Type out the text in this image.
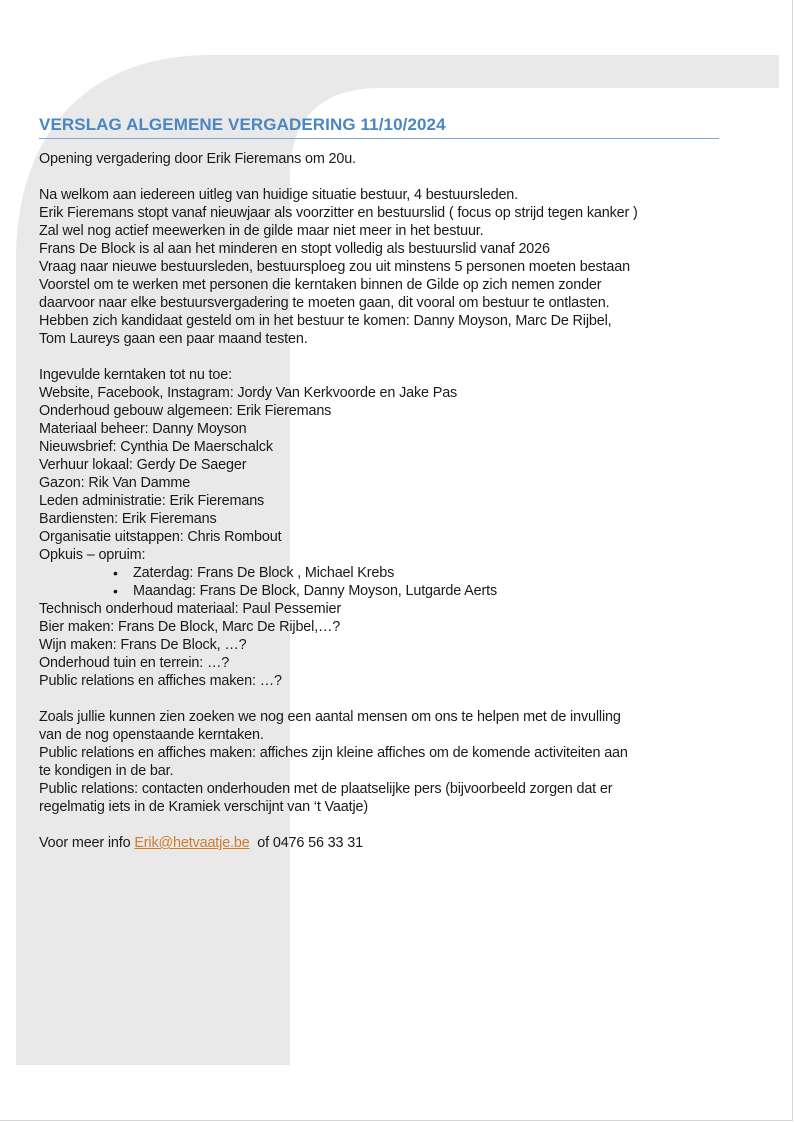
VERSLAG ALGEMENE VERGADERING 11/10/2024
Opening vergadering door Erik Fieremans om 20u.
Na welkom aan iedereen uitleg van huidige situatie bestuur, 4 bestuursleden.
Erik Fieremans stopt vanaf nieuwjaar als voorzitter en bestuurslid ( focus op strijd tegen kanker )
Zal wel nog actief meewerken in de gilde maar niet meer in het bestuur.
Frans De Block is al aan het minderen en stopt volledig als bestuurslid vanaf 2026
Vraag naar nieuwe bestuursleden, bestuursploeg zou uit minstens 5 personen moeten bestaan
Voorstel om te werken met personen die kerntaken binnen de Gilde op zich nemen zonder
daarvoor naar elke bestuursvergadering te moeten gaan, dit vooral om bestuur te ontlasten.
Hebben zich kandidaat gesteld om in het bestuur te komen: Danny Moyson, Marc De Rijbel,
Tom Laureys gaan een paar maand testen.
Ingevulde kerntaken tot nu toe:
Website, Facebook, Instagram: Jordy Van Kerkvoorde en Jake Pas
Onderhoud gebouw algemeen: Erik Fieremans
Materiaal beheer: Danny Moyson
Nieuwsbrief: Cynthia De Maerschalck
Verhuur lokaal: Gerdy De Saeger
Gazon: Rik Van Damme
Leden administratie: Erik Fieremans
Bardiensten: Erik Fieremans
Organisatie uitstappen: Chris Rombout
Opkuis – opruim:
• Zaterdag: Frans De Block , Michael Krebs
• Maandag: Frans De Block, Danny Moyson, Lutgarde Aerts
Technisch onderhoud materiaal: Paul Pessemier
Bier maken: Frans De Block, Marc De Rijbel,…?
Wijn maken: Frans De Block, …?
Onderhoud tuin en terrein: …?
Public relations en affiches maken: …?
Zoals jullie kunnen zien zoeken we nog een aantal mensen om ons te helpen met de invulling
van de nog openstaande kerntaken.
Public relations en affiches maken: affiches zijn kleine affiches om de komende activiteiten aan
te kondigen in de bar.
Public relations: contacten onderhouden met de plaatselijke pers (bijvoorbeeld zorgen dat er
regelmatig iets in de Kramiek verschijnt van ‘t Vaatje)
Voor meer info Erik@hetvaatje.be  of 0476 56 33 31
